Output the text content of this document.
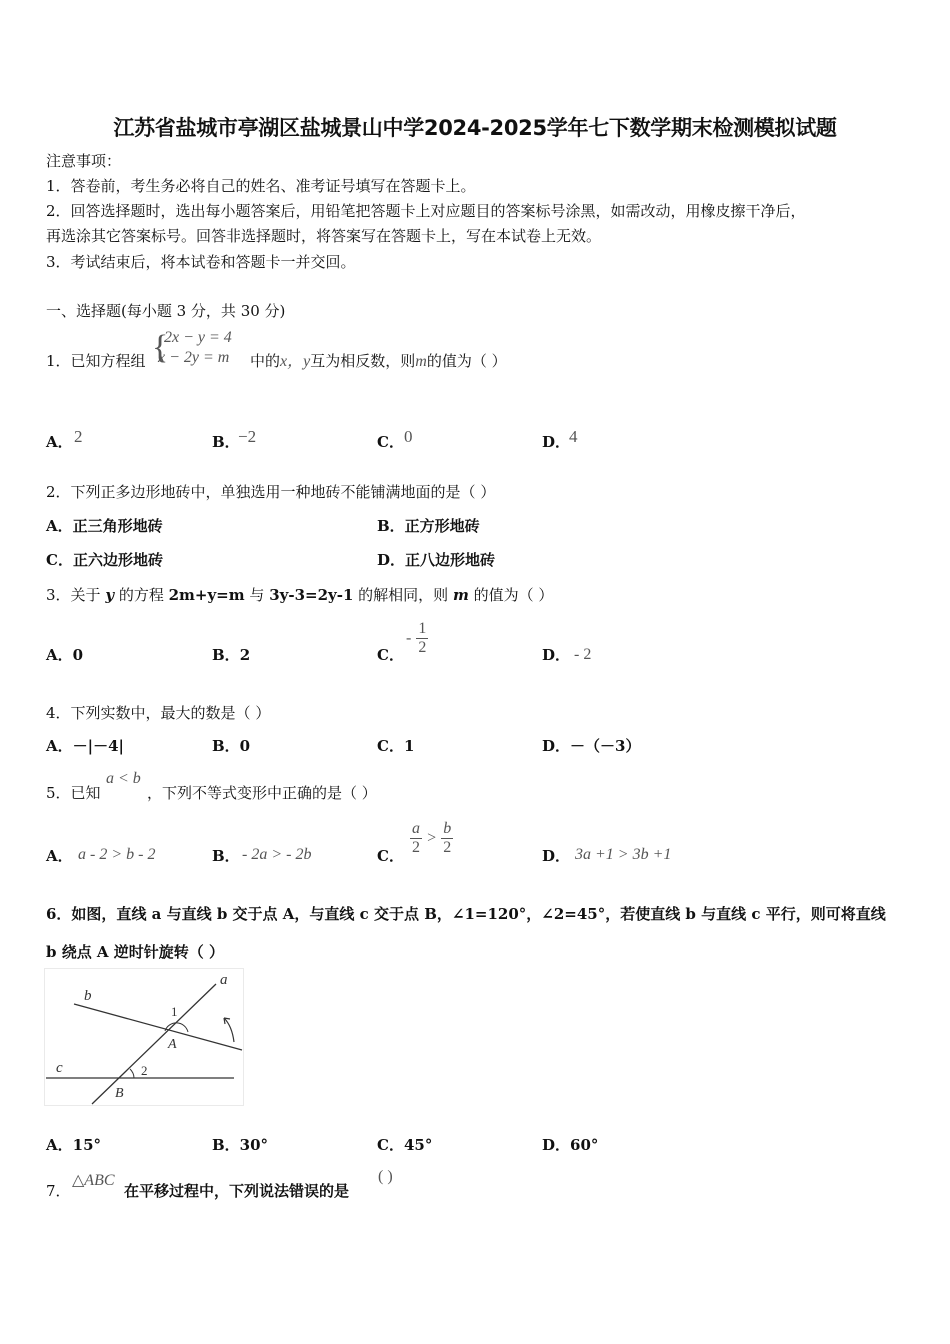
江苏省盐城市亭湖区盐城景山中学2024-2025学年七下数学期末检测模拟试题
注意事项：
1．答卷前，考生务必将自己的姓名、准考证号填写在答题卡上。
2．回答选择题时，选出每小题答案后，用铅笔把答题卡上对应题目的答案标号涂黑，如需改动，用橡皮擦干净后，
再选涂其它答案标号。回答非选择题时，将答案写在答题卡上，写在本试卷上无效。
3．考试结束后，将本试卷和答题卡一并交回。
一、选择题(每小题 3 分，共 30 分)
1．已知方程组 {
2x − y = 4
x − 2y = m 中的x，y互为相反数，则m的值为（ ）
A． 2	B．
−2	C． 0	D．
4
2．下列正多边形地砖中，单独选用一种地砖不能铺满地面的是（ ）
A．正三角形地砖	B．正方形地砖
C．正六边形地砖	D．正八边形地砖
3．关于 y 的方程 2m+y=m 与 3y-3=2y-1 的解相同，则 m 的值为（ ）
A．0	B．2	C．
- $\frac{1}{2}$	D． - 2
4．下列实数中，最大的数是（ ）
A．－|－4|	B．0	C．1	D．－（－3）
5．已知
a < b
，下列不等式变形中正确的是（ ）
A． a - 2 > b - 2	B． - 2a > - 2b	C． $\frac{a}{2} > \frac{b}{2}$	D． 3a +1 > 3b +1
6．如图，直线 a 与直线 b 交于点 A，与直线 c 交于点 B，∠1=120°，∠2=45°，若使直线 b 与直线 c 平行，则可将直线
b 绕点 A 逆时针旋转（ ）
a
b
c
A
B
1
2
A．15°	B．30°	C．45°	D．60°
7．
△ABC
在平移过程中，下列说法错误的是
( )
